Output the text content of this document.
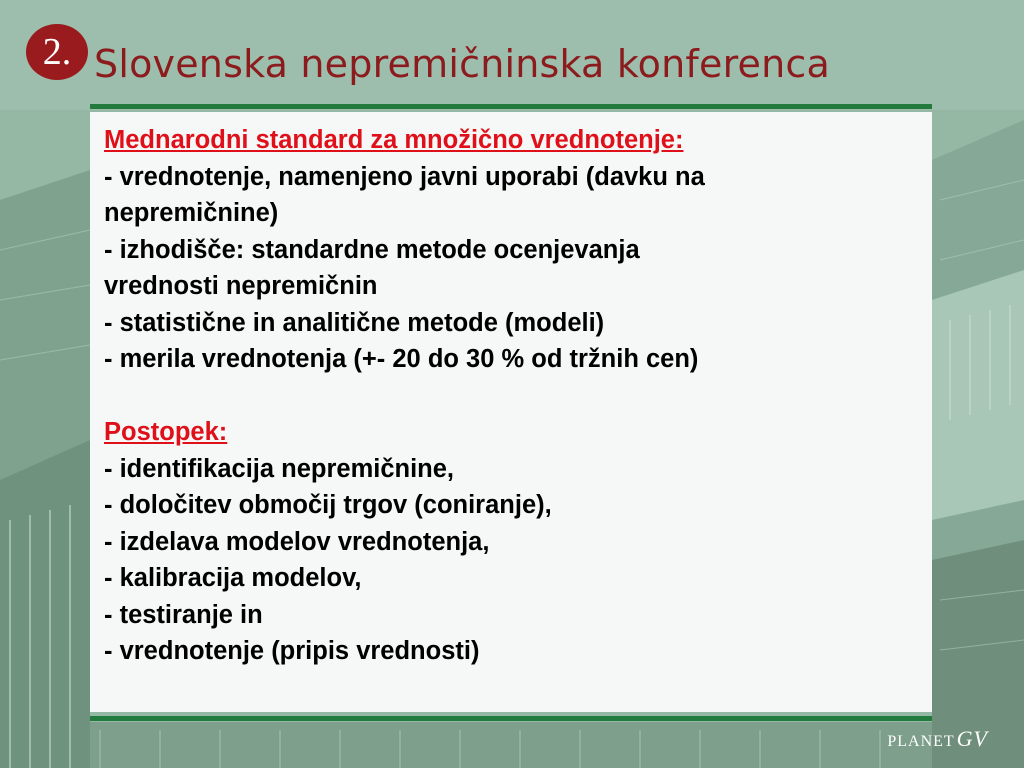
2. Slovenska nepremičninska konferenca
Mednarodni standard za množično vrednotenje:
- vrednotenje, namenjeno javni uporabi (davku na
nepremičnine)
- izhodišče: standardne metode ocenjevanja
vrednosti nepremičnin
- statistične in analitične metode (modeli)
- merila vrednotenja (+- 20 do 30 % od tržnih cen)
Postopek:
- identifikacija nepremičnine,
- določitev območij trgov (coniranje),
- izdelava modelov vrednotenja,
- kalibracija modelov,
- testiranje in
- vrednotenje (pripis vrednosti)
PLANETGV
